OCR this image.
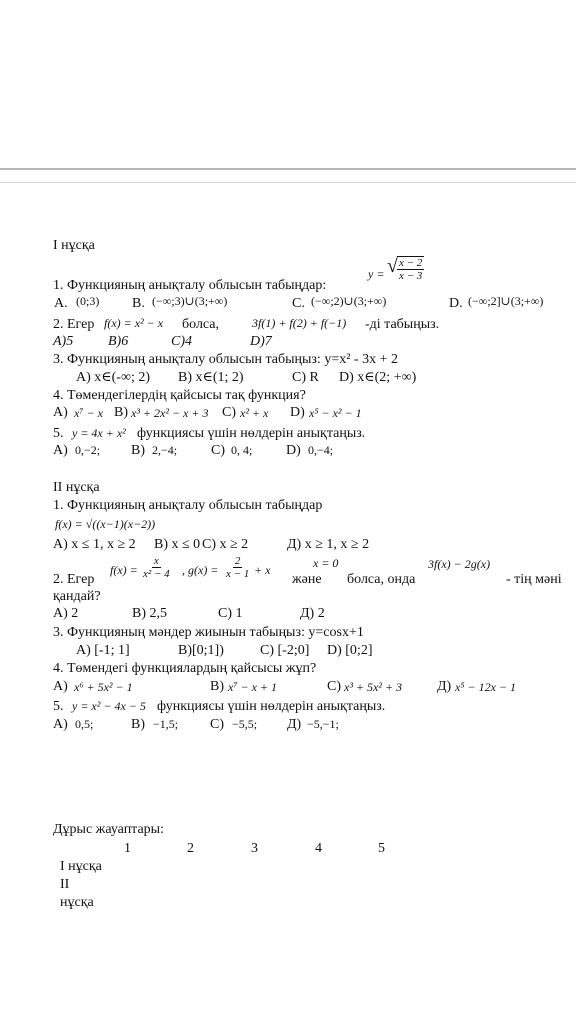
І нұсқа
1. Функцияның анықталу облысын табыңдар:
y = √ $\frac{x - 2}{x - 3}$
А. (0;3) В. (−∞;3)∪(3;+∞)	С. (−∞;2)∪(3;+∞)	D. (−∞;2]∪(3;+∞)
2. Егер f(x) = x² − x болса,	3f(1) + f(2) + f(−1) -ді табыңыз.
A)5 B)6	C)4	D)7
3. Функцияның анықталу облысын табыңыз: y=x² - 3x + 2
A) x∈(-∞; 2) B) x∈(1; 2)	C) R D) x∈(2; +∞)
4. Төмендегілердің қайсысы тақ функция?
A) x⁷ − x B) x³ + 2x² − x + 3 C) x² + x D) x⁵ − x² − 1
5. y = 4x + x² функциясы үшін нөлдерін анықтаңыз.
A) 0,−2; B) 2,−4; C) 0, 4; D) 0,−4;
ІІ нұсқа
1. Функцияның анықталу облысын табыңдар
f(x) = √((x−1)(x−2))
A) x ≤ 1, x ≥ 2 B) x ≤ 0 C) x ≥ 2	Д) x ≥ 1, x ≥ 2
2. Егер
$f(x) = \frac{x}{\text{x² − 4}}$ , $g(x) = \frac{2}{x - 1} + x$	x = 0
және болса, онда
3f(x) − 2g(x)
- тің мәні
қандай?
A) 2	B) 2,5	C) 1	Д) 2
3. Функцияның мәндер жиынын табыңыз: y=cosx+1
A) [-1; 1]	B)[0;1])	C) [-2;0] D) [0;2]
4. Төмендегі функциялардың қайсысы жұп?
A) x⁶ + 5x² − 1	B) x⁷ − x + 1	C) x³ + 5x² + 3 Д) x⁵ − 12x − 1
5. y = x² − 4x − 5 функциясы үшін нөлдерін анықтаңыз.
A) 0,5;	B) −1,5; C) −5,5; Д) −5,−1;
Дұрыс жауаптары:
1	2	3	4	5
І нұсқа
ІІ
нұсқа
